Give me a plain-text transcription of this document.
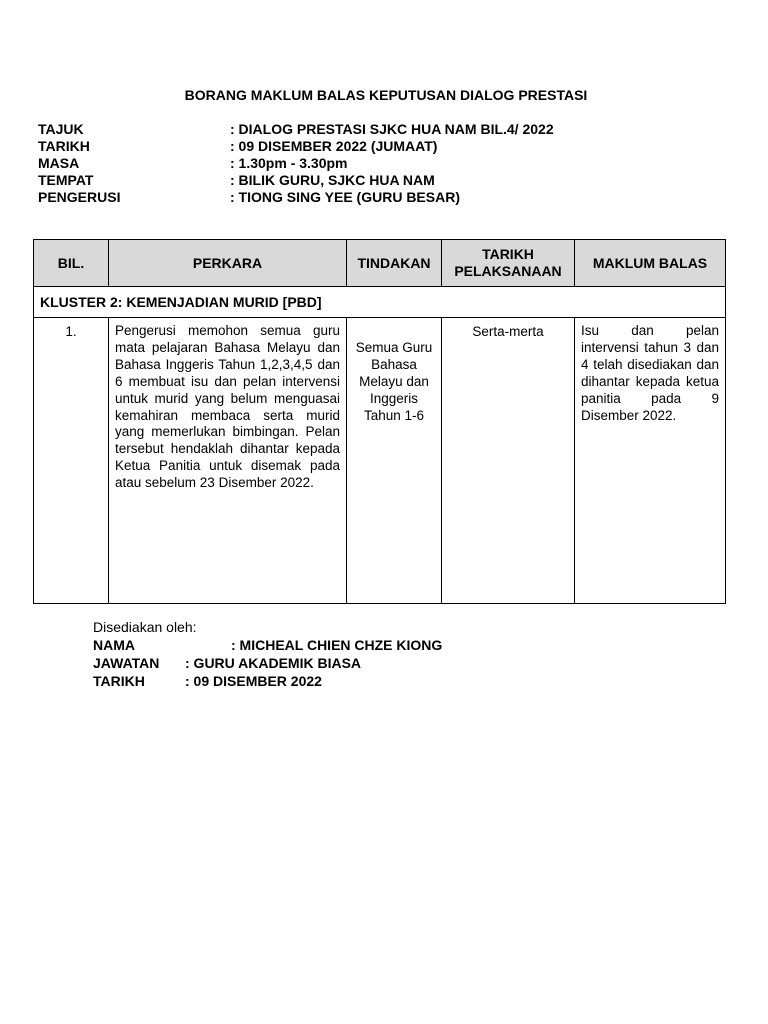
BORANG MAKLUM BALAS KEPUTUSAN DIALOG PRESTASI
TAJUK	: DIALOG PRESTASI SJKC HUA NAM BIL.4/ 2022
TARIKH	: 09 DISEMBER 2022 (JUMAAT)
MASA	: 1.30pm - 3.30pm
TEMPAT	: BILIK GURU, SJKC HUA NAM
PENGERUSI	: TIONG SING YEE (GURU BESAR)
BIL.	PERKARA	TINDAKAN	TARIKH PELAKSANAAN	MAKLUM BALAS
KLUSTER 2: KEMENJADIAN MURID [PBD]				
1.	Pengerusi memohon semua guru mata pelajaran Bahasa Melayu dan Bahasa Inggeris Tahun 1,2,3,4,5 dan 6 membuat isu dan pelan intervensi untuk murid yang belum menguasai kemahiran membaca serta murid yang memerlukan bimbingan. Pelan tersebut hendaklah dihantar kepada Ketua Panitia untuk disemak pada atau sebelum 23 Disember 2022.	Semua Guru Bahasa Melayu dan Inggeris Tahun 1-6	Serta-merta	Isu dan pelan intervensi tahun 3 dan 4 telah disediakan dan dihantar kepada ketua panitia pada 9 Disember 2022.
Disediakan oleh:
NAMA	: MICHEAL CHIEN CHZE KIONG
JAWATAN : GURU AKADEMIK BIASA
TARIKH	: 09 DISEMBER 2022
